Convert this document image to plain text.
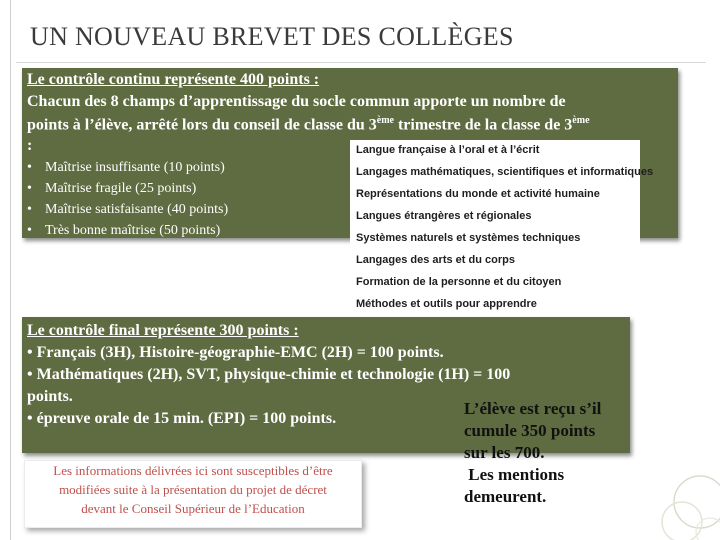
UN NOUVEAU BREVET DES COLLÈGES
Le contrôle continu représente 400 points :
Chacun des 8 champs d’apprentissage du socle commun apporte un nombre de
points à l’élève, arrêté lors du conseil de classe du 3ème trimestre de la classe de 3ème
:
• Maîtrise insuffisante (10 points)
• Maîtrise fragile (25 points)
• Maîtrise satisfaisante (40 points)
• Très bonne maîtrise (50 points)
Langue française à l’oral et à l’écrit
Langages mathématiques, scientifiques et informatiques
Représentations du monde et activité humaine
Langues étrangères et régionales
Systèmes naturels et systèmes techniques
Langages des arts et du corps
Formation de la personne et du citoyen
Méthodes et outils pour apprendre
Le contrôle final représente 300 points :
• Français (3H), Histoire-géographie-EMC (2H) = 100 points.
• Mathématiques (2H), SVT, physique-chimie et technologie (1H) = 100
points.
• épreuve orale de 15 min. (EPI) = 100 points.
L’élève est reçu s’il
cumule 350 points
sur les 700.
Les mentions
demeurent.
Les informations délivrées ici sont susceptibles d’être
modifiées suite à la présentation du projet de décret
devant le Conseil Supérieur de l’Education
